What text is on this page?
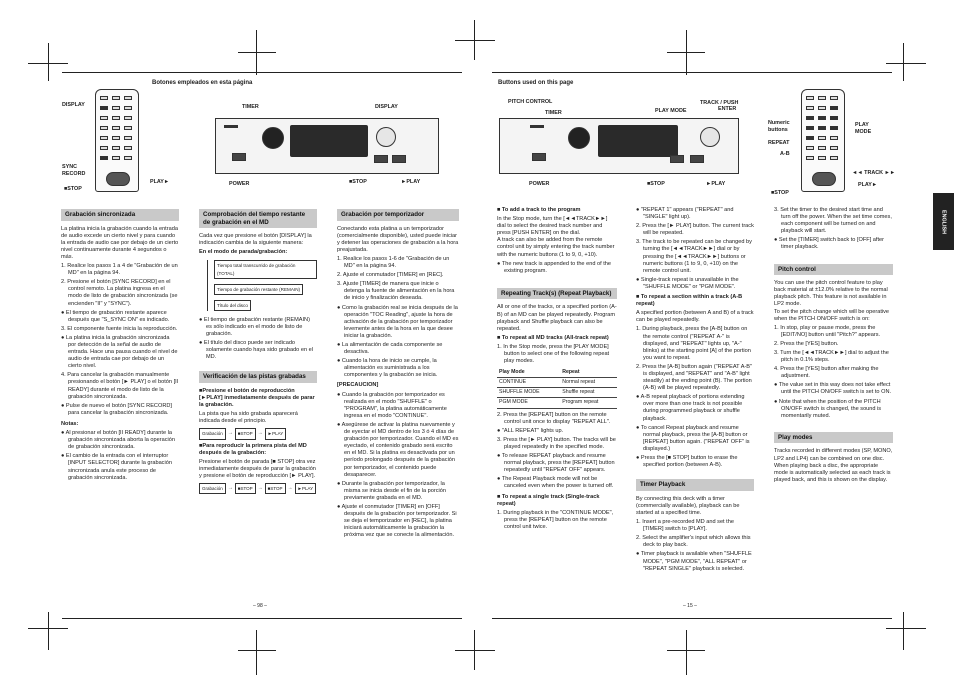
Botones empleados en esta página
DISPLAY
SYNC
RECORD
■STOP
PLAY►
TIMER	DISPLAY
POWER	■STOP	►PLAY
Grabación sincronizada

La platina inicia la grabación cuando la entrada de audio excede un cierto nivel y para cuando la entrada de audio cae por debajo de un cierto nivel continuamente durante 4 segundos o más.

1. Realice los pasos 1 a 4 de "Grabación de un MD" en la página 94.

2. Presione el botón [SYNC RECORD] en el control remoto. La platina ingresa en el modo de listo de grabación sincronizada (se encienden "II" y "SYNC").

● El tiempo de grabación restante aparece después que "S_SYNC ON" es indicado.

3. El componente fuente inicia la reproducción.

● La platina inicia la grabación sincronizada por detección de la señal de audio de entrada. Hace una pausa cuando el nivel de audio de entrada cae por debajo de un cierto nivel.

4. Para cancelar la grabación manualmente presionando el botón [► PLAY] o el botón [II READY] durante el modo de listo de la grabación sincronizada.

● Pulse de nuevo el botón [SYNC RECORD] para cancelar la grabación sincronizada.

Notas:

● Al presionar el botón [II READY] durante la grabación sincronizada aborta la operación de grabación sincronizada.

● El cambio de la entrada con el interruptor [INPUT SELECTOR] durante la grabación sincronizada anula este proceso de grabación sincronizada.

Comprobación del tiempo restante de grabación en el MD

Cada vez que presione el botón [DISPLAY] la indicación cambia de la siguiente manera:

En el modo de parada/grabación:

Tiempo total transcurrido de grabación (TOTAL) Tiempo de grabación restante (REMAIN) Título del disco

● El tiempo de grabación restante (REMAIN) es sólo indicado en el modo de listo de grabación.

● El título del disco puede ser indicado solamente cuando haya sido grabado en el MD.

Verificación de las pistas grabadas

■Presione el botón de reproducción [►PLAY] inmediatamente después de parar la grabación.

La pista que ha sido grabada aparecerá indicada desde el principio.

Grabación	→	■STOP	→	►PLAY

■Para reproducir la primera pista del MD después de la grabación:

Presione el botón de parada [■ STOP] otra vez inmediatamente después de parar la grabación y presione el botón de reproducción [► PLAY].

Grabación	→	■STOP	→	■STOP	→	►PLAY
Grabación por temporizador

Conectando esta platina a un temporizador (comercialmente disponible), usted puede iniciar y detener las operaciones de grabación a la hora preajustada.

1. Realice los pasos 1-6 de "Grabación de un MD" en la página 94.

2. Ajuste el conmutador [TIMER] en [REC].

3. Ajuste [TIMER] de manera que inicie o detenga la fuente de alimentación en la hora de inicio y finalización deseada.

● Como la grabación real se inicia después de la operación "TOC Reading", ajuste la hora de activación de la grabación por temporizador levemente antes de la hora en la que desee iniciar la grabación.

● La alimentación de cada componente se desactiva.

● Cuando la hora de inicio se cumple, la alimentación es suministrada a los componentes y la grabación se inicia.

[PRECAUCION]

● Cuando la grabación por temporizador es realizada en el modo "SHUFFLE" o "PROGRAM", la platina automáticamente ingresa en el modo "CONTINUE".

● Asegúrese de activar la platina nuevamente y de eyectar el MD dentro de los 3 ó 4 días de grabación por temporizador. Cuando el MD es eyectado, el contenido grabado será escrito en el MD. Si la platina es desactivada por un período prolongado después de la grabación por temporizador, el contenido puede desaparecer.

● Durante la grabación por temporizador, la misma se inicia desde el fin de la porción previamente grabada en el MD.

● Ajuste el conmutador [TIMER] en [OFF] después de la grabación por temporizador. Si se deja el temporizador en [REC], la platina iniciará automáticamente la grabación la próxima vez que se conecte la alimentación.

– 98 –
Buttons used on this page
PITCH CONTROL
TIMER	PLAY MODE
TRACK / PUSH
ENTER
POWER	■STOP	►PLAY
Numeric
buttons
PLAY
MODE
REPEAT
A-B
◄◄ TRACK ►►
PLAY►
■STOP
ENGLISH

■ To add a track to the program

In the Stop mode, turn the [◄◄TRACK►►] dial to select the desired track number and press [PUSH ENTER] on the dial.
A track can also be added from the remote control unit by simply entering the track number with the numeric buttons (1 to 9, 0, +10).

● The new track is appended to the end of the existing program.

Repeating Track(s) (Repeat Playback)

All or one of the tracks, or a specified portion (A-B) of an MD can be played repeatedly. Program playback and Shuffle playback can also be repeated.

■ To repeat all MD tracks (All-track repeat)

1. In the Stop mode, press the [PLAY MODE] button to select one of the following repeat play modes.

Play Mode	Repeat
CONTINUE	Normal repeat
SHUFFLE MODE	Shuffle repeat
PGM MODE	Program repeat

2. Press the [REPEAT] button on the remote control unit once to display "REPEAT ALL".

● "ALL REPEAT" lights up.

3. Press the [► PLAY] button. The tracks will be played repeatedly in the specified mode.

● To release REPEAT playback and resume normal playback, press the [REPEAT] button repeatedly until "REPEAT OFF" appears.

● The Repeat Playback mode will not be canceled even when the power is turned off.

■ To repeat a single track (Single-track repeat)

1. During playback in the "CONTINUE MODE", press the [REPEAT] button on the remote control unit twice.

● "REPEAT 1" appears ("REPEAT" and "SINGLE" light up).

2. Press the [► PLAY] button. The current track will be repeated.

3. The track to be repeated can be changed by turning the [◄◄TRACK►►] dial or by pressing the [◄◄TRACK►►] buttons or numeric buttons (1 to 9, 0, +10) on the remote control unit.

● Single-track repeat is unavailable in the "SHUFFLE MODE" or "PGM MODE".

■ To repeat a section within a track (A-B repeat)

A specified portion (between A and B) of a track can be played repeatedly.

1. During playback, press the [A-B] button on the remote control ("REPEAT A-" is displayed, and "REPEAT" lights up, "A-" blinks) at the starting point [A] of the portion you want to repeat.

2. Press the [A-B] button again ("REPEAT A-B" is displayed, and "REPEAT" and "A-B" light steadily) at the ending point (B). The portion (A-B) will be played repeatedly.

● A-B repeat playback of portions extending over more than one track is not possible during programmed playback or shuffle playback.

● To cancel Repeat playback and resume normal playback, press the [A-B] button or [REPEAT] button again. ("REPEAT OFF" is displayed.)

● Press the [■ STOP] button to erase the specified portion (between A-B).

Timer Playback

By connecting this deck with a timer (commercially available), playback can be started at a specified time.

1. Insert a pre-recorded MD and set the [TIMER] switch to [PLAY].

2. Select the amplifier's input which allows this deck to play back.

● Timer playback is available when "SHUFFLE MODE", "PGM MODE", "ALL REPEAT" or "REPEAT SINGLE" playback is selected.

3. Set the timer to the desired start time and turn off the power. When the set time comes, each component will be turned on and playback will start.

● Set the [TIMER] switch back to [OFF] after timer playback.

Pitch control

You can use the pitch control feature to play back material at ±12.0% relative to the normal playback pitch. This feature is not available in LP2 mode.
To set the pitch change which will be operative when the PITCH ON/OFF switch is on:

1. In stop, play or pause mode, press the [EDIT/NO] button until "Pitch?" appears.

2. Press the [YES] button.

3. Turn the [◄◄TRACK►►] dial to adjust the pitch in 0.1% steps.

4. Press the [YES] button after making the adjustment.

● The value set in this way does not take effect until the PITCH ON/OFF switch is set to ON.

● Note that when the position of the PITCH ON/OFF switch is changed, the sound is momentarily muted.

Play modes

Tracks recorded in different modes (SP, MONO, LP2 and LP4) can be combined on one disc. When playing back a disc, the appropriate mode is automatically selected as each track is played back, and this is shown on the display.

– 15 –
